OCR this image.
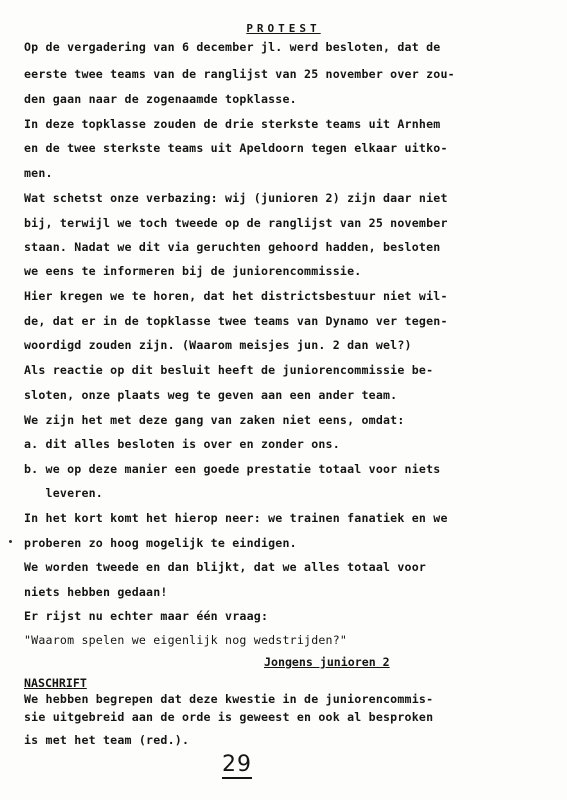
PROTEST
Op de vergadering van 6 december jl. werd besloten, dat de
eerste twee teams van de ranglijst van 25 november over zou-
den gaan naar de zogenaamde topklasse.
In deze topklasse zouden de drie sterkste teams uit Arnhem
en de twee sterkste teams uit Apeldoorn tegen elkaar uitko-
men.
Wat schetst onze verbazing: wij (junioren 2) zijn daar niet
bij, terwijl we toch tweede op de ranglijst van 25 november
staan. Nadat we dit via geruchten gehoord hadden, besloten
we eens te informeren bij de juniorencommissie.
Hier kregen we te horen, dat het districtsbestuur niet wil-
de, dat er in de topklasse twee teams van Dynamo ver tegen-
woordigd zouden zijn. (Waarom meisjes jun. 2 dan wel?)
Als reactie op dit besluit heeft de juniorencommissie be-
sloten, onze plaats weg te geven aan een ander team.
We zijn het met deze gang van zaken niet eens, omdat:
a. dit alles besloten is over en zonder ons.
b. we op deze manier een goede prestatie totaal voor niets
leveren.
In het kort komt het hierop neer: we trainen fanatiek en we
proberen zo hoog mogelijk te eindigen.
We worden tweede en dan blijkt, dat we alles totaal voor
niets hebben gedaan!
Er rijst nu echter maar één vraag:
"Waarom spelen we eigenlijk nog wedstrijden?"
Jongens junioren 2
NASCHRIFT
We hebben begrepen dat deze kwestie in de juniorencommis-
sie uitgebreid aan de orde is geweest en ook al besproken
is met het team (red.).
29
